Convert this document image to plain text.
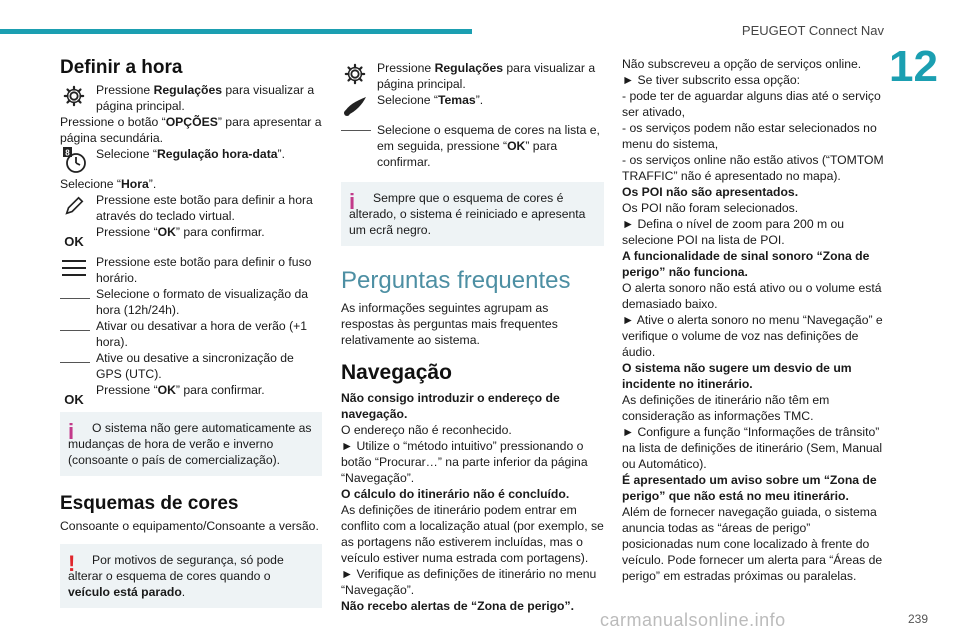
PEUGEOT Connect Nav
12
Definir a hora
Pressione Regulações para visualizar a página principal.
Pressione o botão “OPÇÕES” para apresentar a página secundária.
8 Selecione “Regulação hora-data”.
Selecione “Hora”.
Pressione este botão para definir a hora através do teclado virtual.
OK
Pressione “OK” para confirmar.
Pressione este botão para definir o fuso horário.
Selecione o formato de visualização da hora (12h/24h).
Ativar ou desativar a hora de verão (+1 hora).
Ative ou desative a sincronização de GPS (UTC).
OK
Pressione “OK” para confirmar.
i O sistema não gere automaticamente as mudanças de hora de verão e inverno (consoante o país de comercialização).
Esquemas de cores
Consoante o equipamento/Consoante a versão.
! Por motivos de segurança, só pode alterar o esquema de cores quando o veículo está parado.
Pressione Regulações para visualizar a página principal.
Selecione “Temas”.
Selecione o esquema de cores na lista e, em seguida, pressione “OK” para confirmar.
i Sempre que o esquema de cores é alterado, o sistema é reiniciado e apresenta um ecrã negro.
Perguntas frequentes
As informações seguintes agrupam as respostas às perguntas mais frequentes relativamente ao sistema.
Navegação
Não consigo introduzir o endereço de navegação.
O endereço não é reconhecido.
► Utilize o “método intuitivo” pressionando o botão “Procurar…” na parte inferior da página “Navegação”.
O cálculo do itinerário não é concluído.
As definições de itinerário podem entrar em conflito com a localização atual (por exemplo, se as portagens não estiverem incluídas, mas o veículo estiver numa estrada com portagens).
► Verifique as definições de itinerário no menu “Navegação”.
Não recebo alertas de “Zona de perigo”.
Não subscreveu a opção de serviços online.
► Se tiver subscrito essa opção:
- pode ter de aguardar alguns dias até o serviço ser ativado,
- os serviços podem não estar selecionados no menu do sistema,
- os serviços online não estão ativos (“TOMTOM TRAFFIC” não é apresentado no mapa).
Os POI não são apresentados.
Os POI não foram selecionados.
► Defina o nível de zoom para 200 m ou selecione POI na lista de POI.
A funcionalidade de sinal sonoro “Zona de perigo” não funciona.
O alerta sonoro não está ativo ou o volume está demasiado baixo.
► Ative o alerta sonoro no menu “Navegação” e verifique o volume de voz nas definições de áudio.
O sistema não sugere um desvio de um incidente no itinerário.
As definições de itinerário não têm em consideração as informações TMC.
► Configure a função “Informações de trânsito” na lista de definições de itinerário (Sem, Manual ou Automático).
É apresentado um aviso sobre um “Zona de perigo” que não está no meu itinerário.
Além de fornecer navegação guiada, o sistema anuncia todas as “áreas de perigo” posicionadas num cone localizado à frente do veículo. Pode fornecer um alerta para “Áreas de perigo” em estradas próximas ou paralelas.
239
carmanualsonline.info
